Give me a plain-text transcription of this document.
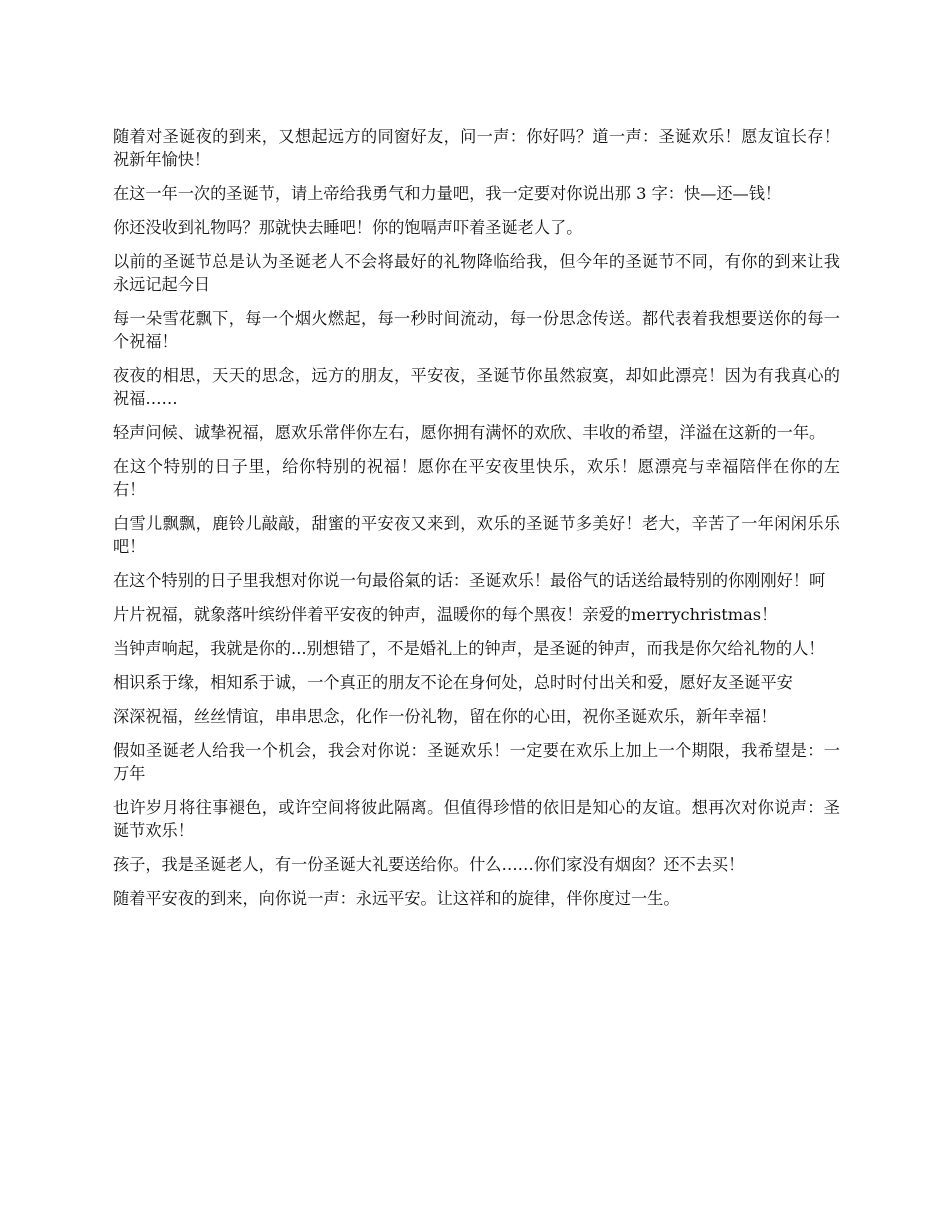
随着对圣诞夜的到来，又想起远方的同窗好友，问一声：你好吗？道一声：圣诞欢乐！愿友谊长存！祝新年愉快！

在这一年一次的圣诞节，请上帝给我勇气和力量吧，我一定要对你说出那 3 字：快—还—钱！

你还没收到礼物吗？那就快去睡吧！你的饱嗝声吓着圣诞老人了。

以前的圣诞节总是认为圣诞老人不会将最好的礼物降临给我，但今年的圣诞节不同，有你的到来让我永远记起今日

每一朵雪花飘下，每一个烟火燃起，每一秒时间流动，每一份思念传送。都代表着我想要送你的每一个祝福！

夜夜的相思，天天的思念，远方的朋友，平安夜，圣诞节你虽然寂寞，却如此漂亮！因为有我真心的祝福……

轻声问候、诚挚祝福，愿欢乐常伴你左右，愿你拥有满怀的欢欣、丰收的希望，洋溢在这新的一年。

在这个特别的日子里，给你特别的祝福！愿你在平安夜里快乐，欢乐！愿漂亮与幸福陪伴在你的左右！

白雪儿飘飘，鹿铃儿敲敲，甜蜜的平安夜又来到，欢乐的圣诞节多美好！老大，辛苦了一年闲闲乐乐吧！

在这个特别的日子里我想对你说一句最俗氣的话：圣诞欢乐！最俗气的话送给最特别的你刚刚好！呵

片片祝福，就象落叶缤纷伴着平安夜的钟声，温暖你的每个黑夜！亲爱的merrychristmas！

当钟声响起，我就是你的...别想错了，不是婚礼上的钟声，是圣诞的钟声，而我是你欠给礼物的人！

相识系于缘，相知系于诚，一个真正的朋友不论在身何处，总时时付出关和爱，愿好友圣诞平安

深深祝福，丝丝情谊，串串思念，化作一份礼物，留在你的心田，祝你圣诞欢乐，新年幸福！

假如圣诞老人给我一个机会，我会对你说：圣诞欢乐！一定要在欢乐上加上一个期限，我希望是：一万年

也许岁月将往事褪色，或许空间将彼此隔离。但值得珍惜的依旧是知心的友谊。想再次对你说声：圣诞节欢乐！

孩子，我是圣诞老人，有一份圣诞大礼要送给你。什么……你们家没有烟囱？还不去买！

随着平安夜的到来，向你说一声：永远平安。让这祥和的旋律，伴你度过一生。
